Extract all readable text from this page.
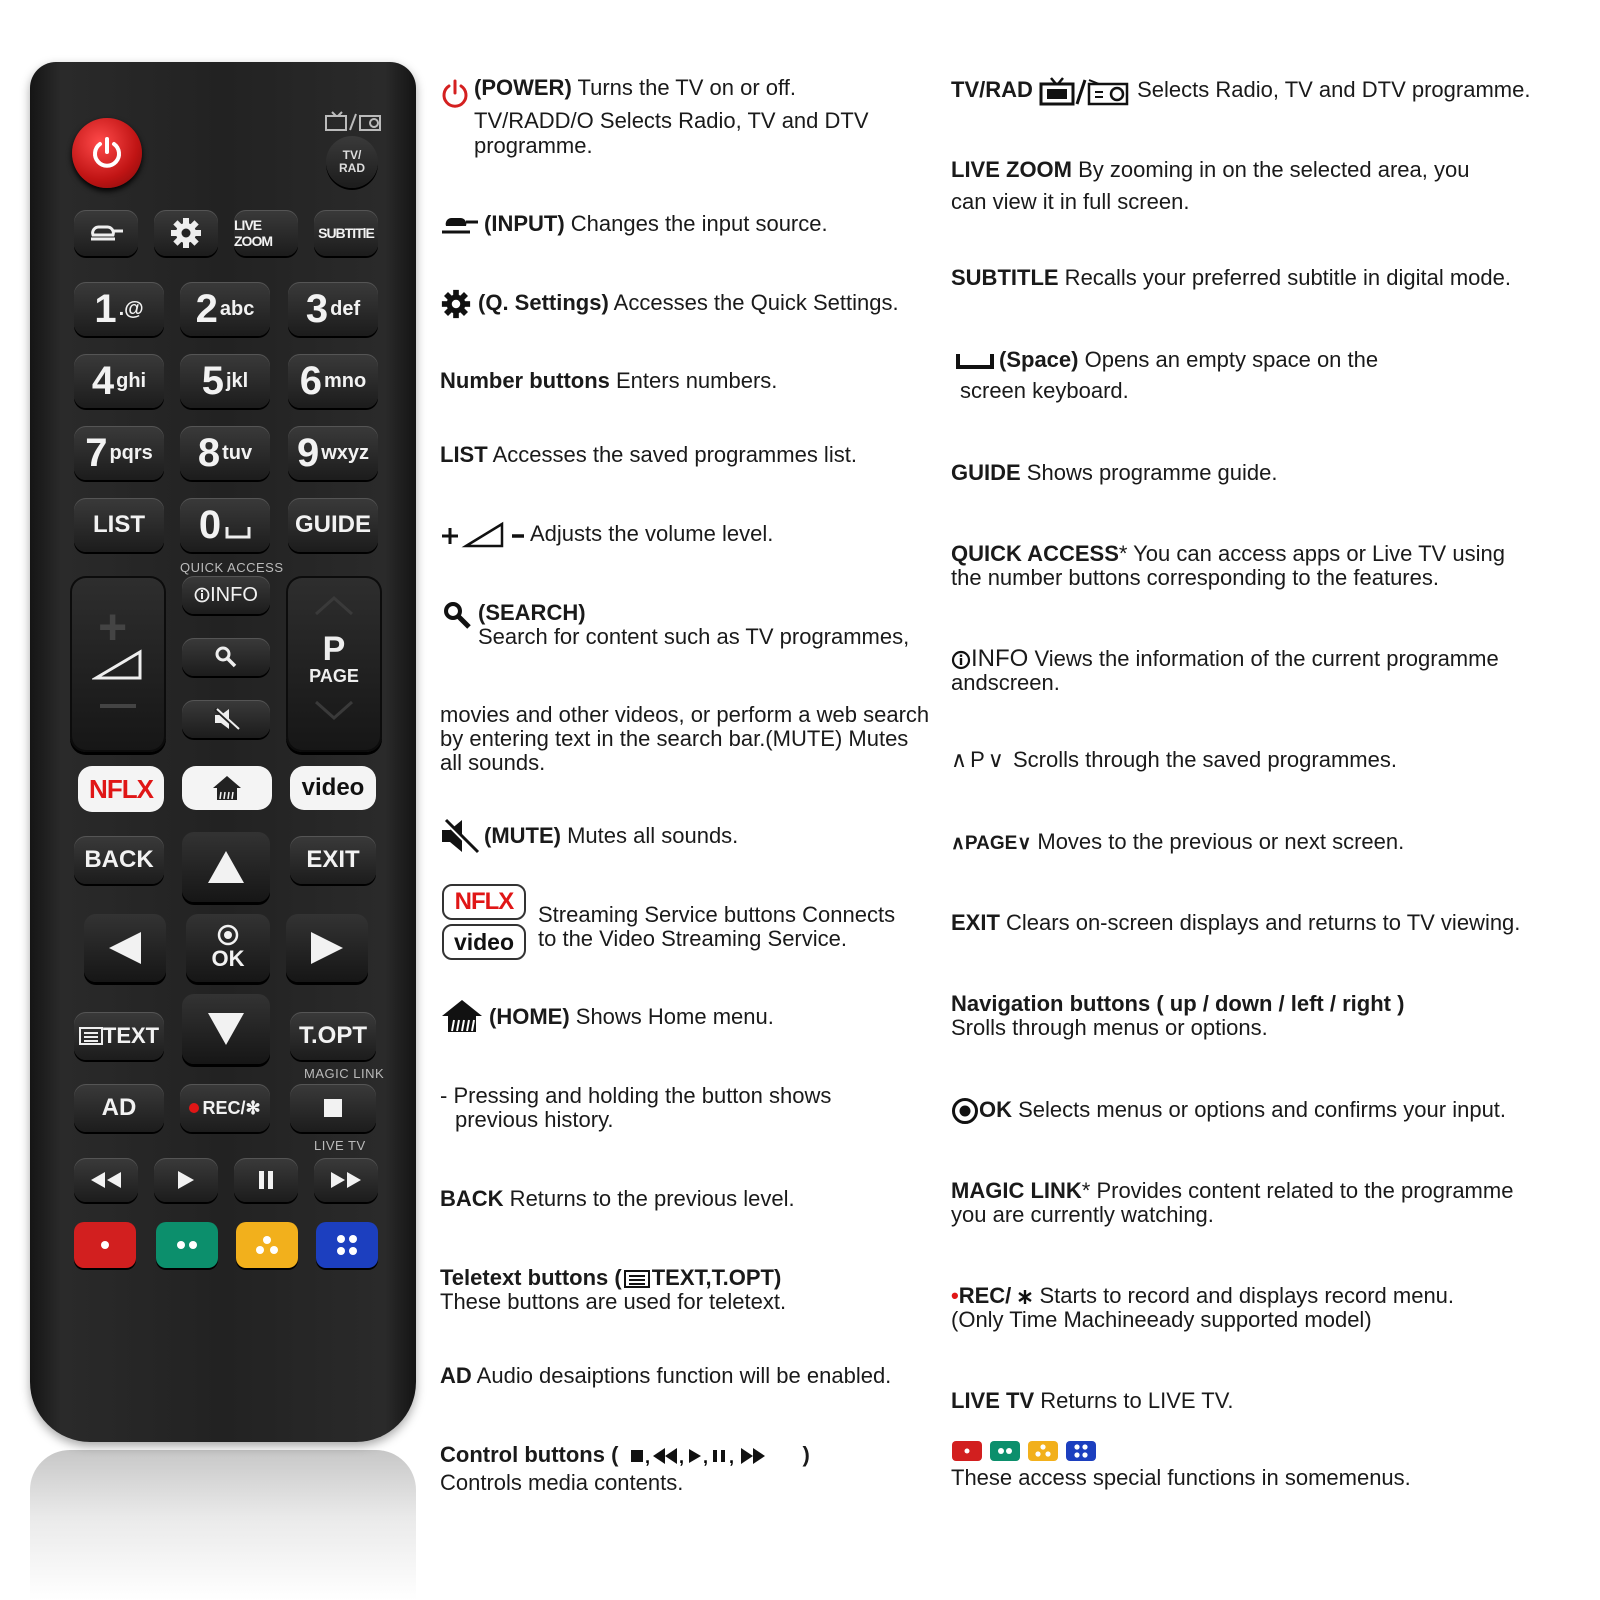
TV/ RAD
LIVE ZOOM	SUBTITlE
1 .@ 2 abc 3 def
4 ghi 5 jkl 6 mno
7 pqrs 8 tuv 9 wxyz
LIST 0	GUIDE
QUICK ACCESS
+
INFO
P
PAGE
NFLX	video
BACK	EXIT
OK
TEXT	T.OPT
MAGIC LINK
AD	REC/✻
LIVE TV
(POWER) Turns the TV on or off.
TV/RADD/O Selects Radio, TV and DTV
programme.
(INPUT) Changes the input source.
(Q. Settings) Accesses the Quick Settings.
Number buttons Enters numbers.
LIST Accesses the saved programmes list.
Adjusts the volume level.
(SEARCH)
Search for content such as TV programmes,
movies and other videos, or perform a web search
by entering text in the search bar.(MUTE) Mutes
all sounds.
(MUTE) Mutes all sounds.
NFLX
video
Streaming Service buttons Connects
to the Video Streaming Service.
(HOME) Shows Home menu.
- Pressing and holding the button shows
previous history.
BACK Returns to the previous level.
Teletext buttons ( TEXT,T.OPT)
These buttons are used for teletext.
AD Audio desaiptions function will be enabled.
Control buttons ( , , , ,	)
Controls media contents.
TV/RAD	Selects Radio, TV and DTV programme.
LIVE ZOOM By zooming in on the selected area, you
can view it in full screen.
SUBTITLE Recalls your preferred subtitle in digital mode.
(Space) Opens an empty space on the
screen keyboard.
GUIDE Shows programme guide.
QUICK ACCESS* You can access apps or Live TV using
the number buttons corresponding to the features.
INFO Views the information of the current programme
andscreen.
∧P∨ Scrolls through the saved programmes.
∧PAGE∨ Moves to the previous or next screen.
EXIT Clears on-screen displays and returns to TV viewing.
Navigation buttons ( up / down / left / right )
Srolls through menus or options.
OK Selects menus or options and confirms your input.
MAGIC LINK* Provides content related to the programme
you are currently watching.
•REC/  Starts to record and displays record menu.
(Only Time Machineeady supported model)
LIVE TV Returns to LIVE TV.
These access special functions in somemenus.
